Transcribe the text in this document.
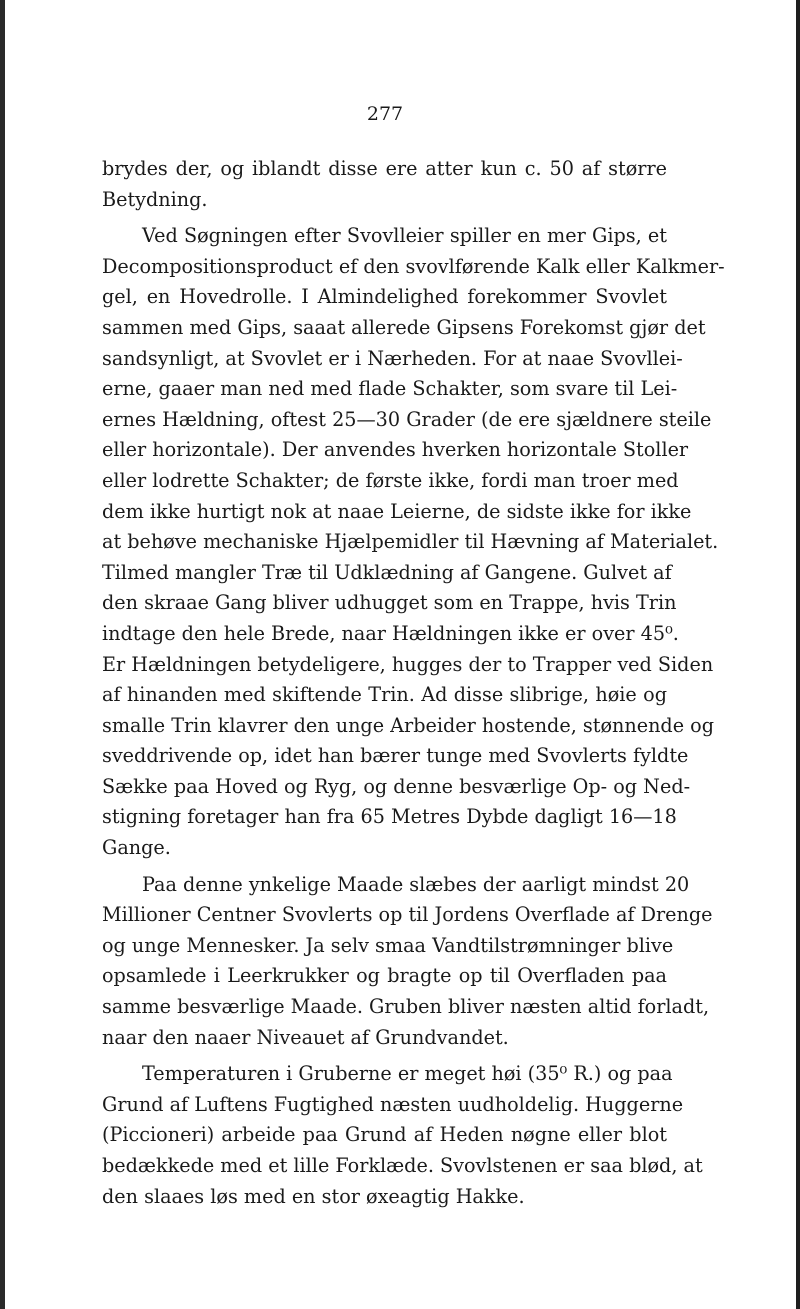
277
brydes der, og iblandt disse ere atter kun c. 50 af større
Betydning.
Ved Søgningen efter Svovlleier spiller en mer Gips, et
Decompositionsproduct ef den svovlførende Kalk eller Kalkmer-
gel, en Hovedrolle. I Almindelighed forekommer Svovlet
sammen med Gips, saaat allerede Gipsens Forekomst gjør det
sandsynligt, at Svovlet er i Nærheden. For at naae Svovllei-
erne, gaaer man ned med flade Schakter, som svare til Lei-
ernes Hældning, oftest 25—30 Grader (de ere sjældnere steile
eller horizontale). Der anvendes hverken horizontale Stoller
eller lodrette Schakter; de første ikke, fordi man troer med
dem ikke hurtigt nok at naae Leierne, de sidste ikke for ikke
at behøve mechaniske Hjælpemidler til Hævning af Materialet.
Tilmed mangler Træ til Udklædning af Gangene. Gulvet af
den skraae Gang bliver udhugget som en Trappe, hvis Trin
indtage den hele Brede, naar Hældningen ikke er over 45⁰.
Er Hældningen betydeligere, hugges der to Trapper ved Siden
af hinanden med skiftende Trin. Ad disse slibrige, høie og
smalle Trin klavrer den unge Arbeider hostende, stønnende og
sveddrivende op, idet han bærer tunge med Svovlerts fyldte
Sække paa Hoved og Ryg, og denne besværlige Op- og Ned-
stigning foretager han fra 65 Metres Dybde dagligt 16—18
Gange.
Paa denne ynkelige Maade slæbes der aarligt mindst 20
Millioner Centner Svovlerts op til Jordens Overflade af Drenge
og unge Mennesker. Ja selv smaa Vandtilstrømninger blive
opsamlede i Leerkrukker og bragte op til Overfladen paa
samme besværlige Maade. Gruben bliver næsten altid forladt,
naar den naaer Niveauet af Grundvandet.
Temperaturen i Gruberne er meget høi (35⁰ R.) og paa
Grund af Luftens Fugtighed næsten uudholdelig. Huggerne
(Piccioneri) arbeide paa Grund af Heden nøgne eller blot
bedækkede med et lille Forklæde. Svovlstenen er saa blød, at
den slaaes løs med en stor øxeagtig Hakke.
